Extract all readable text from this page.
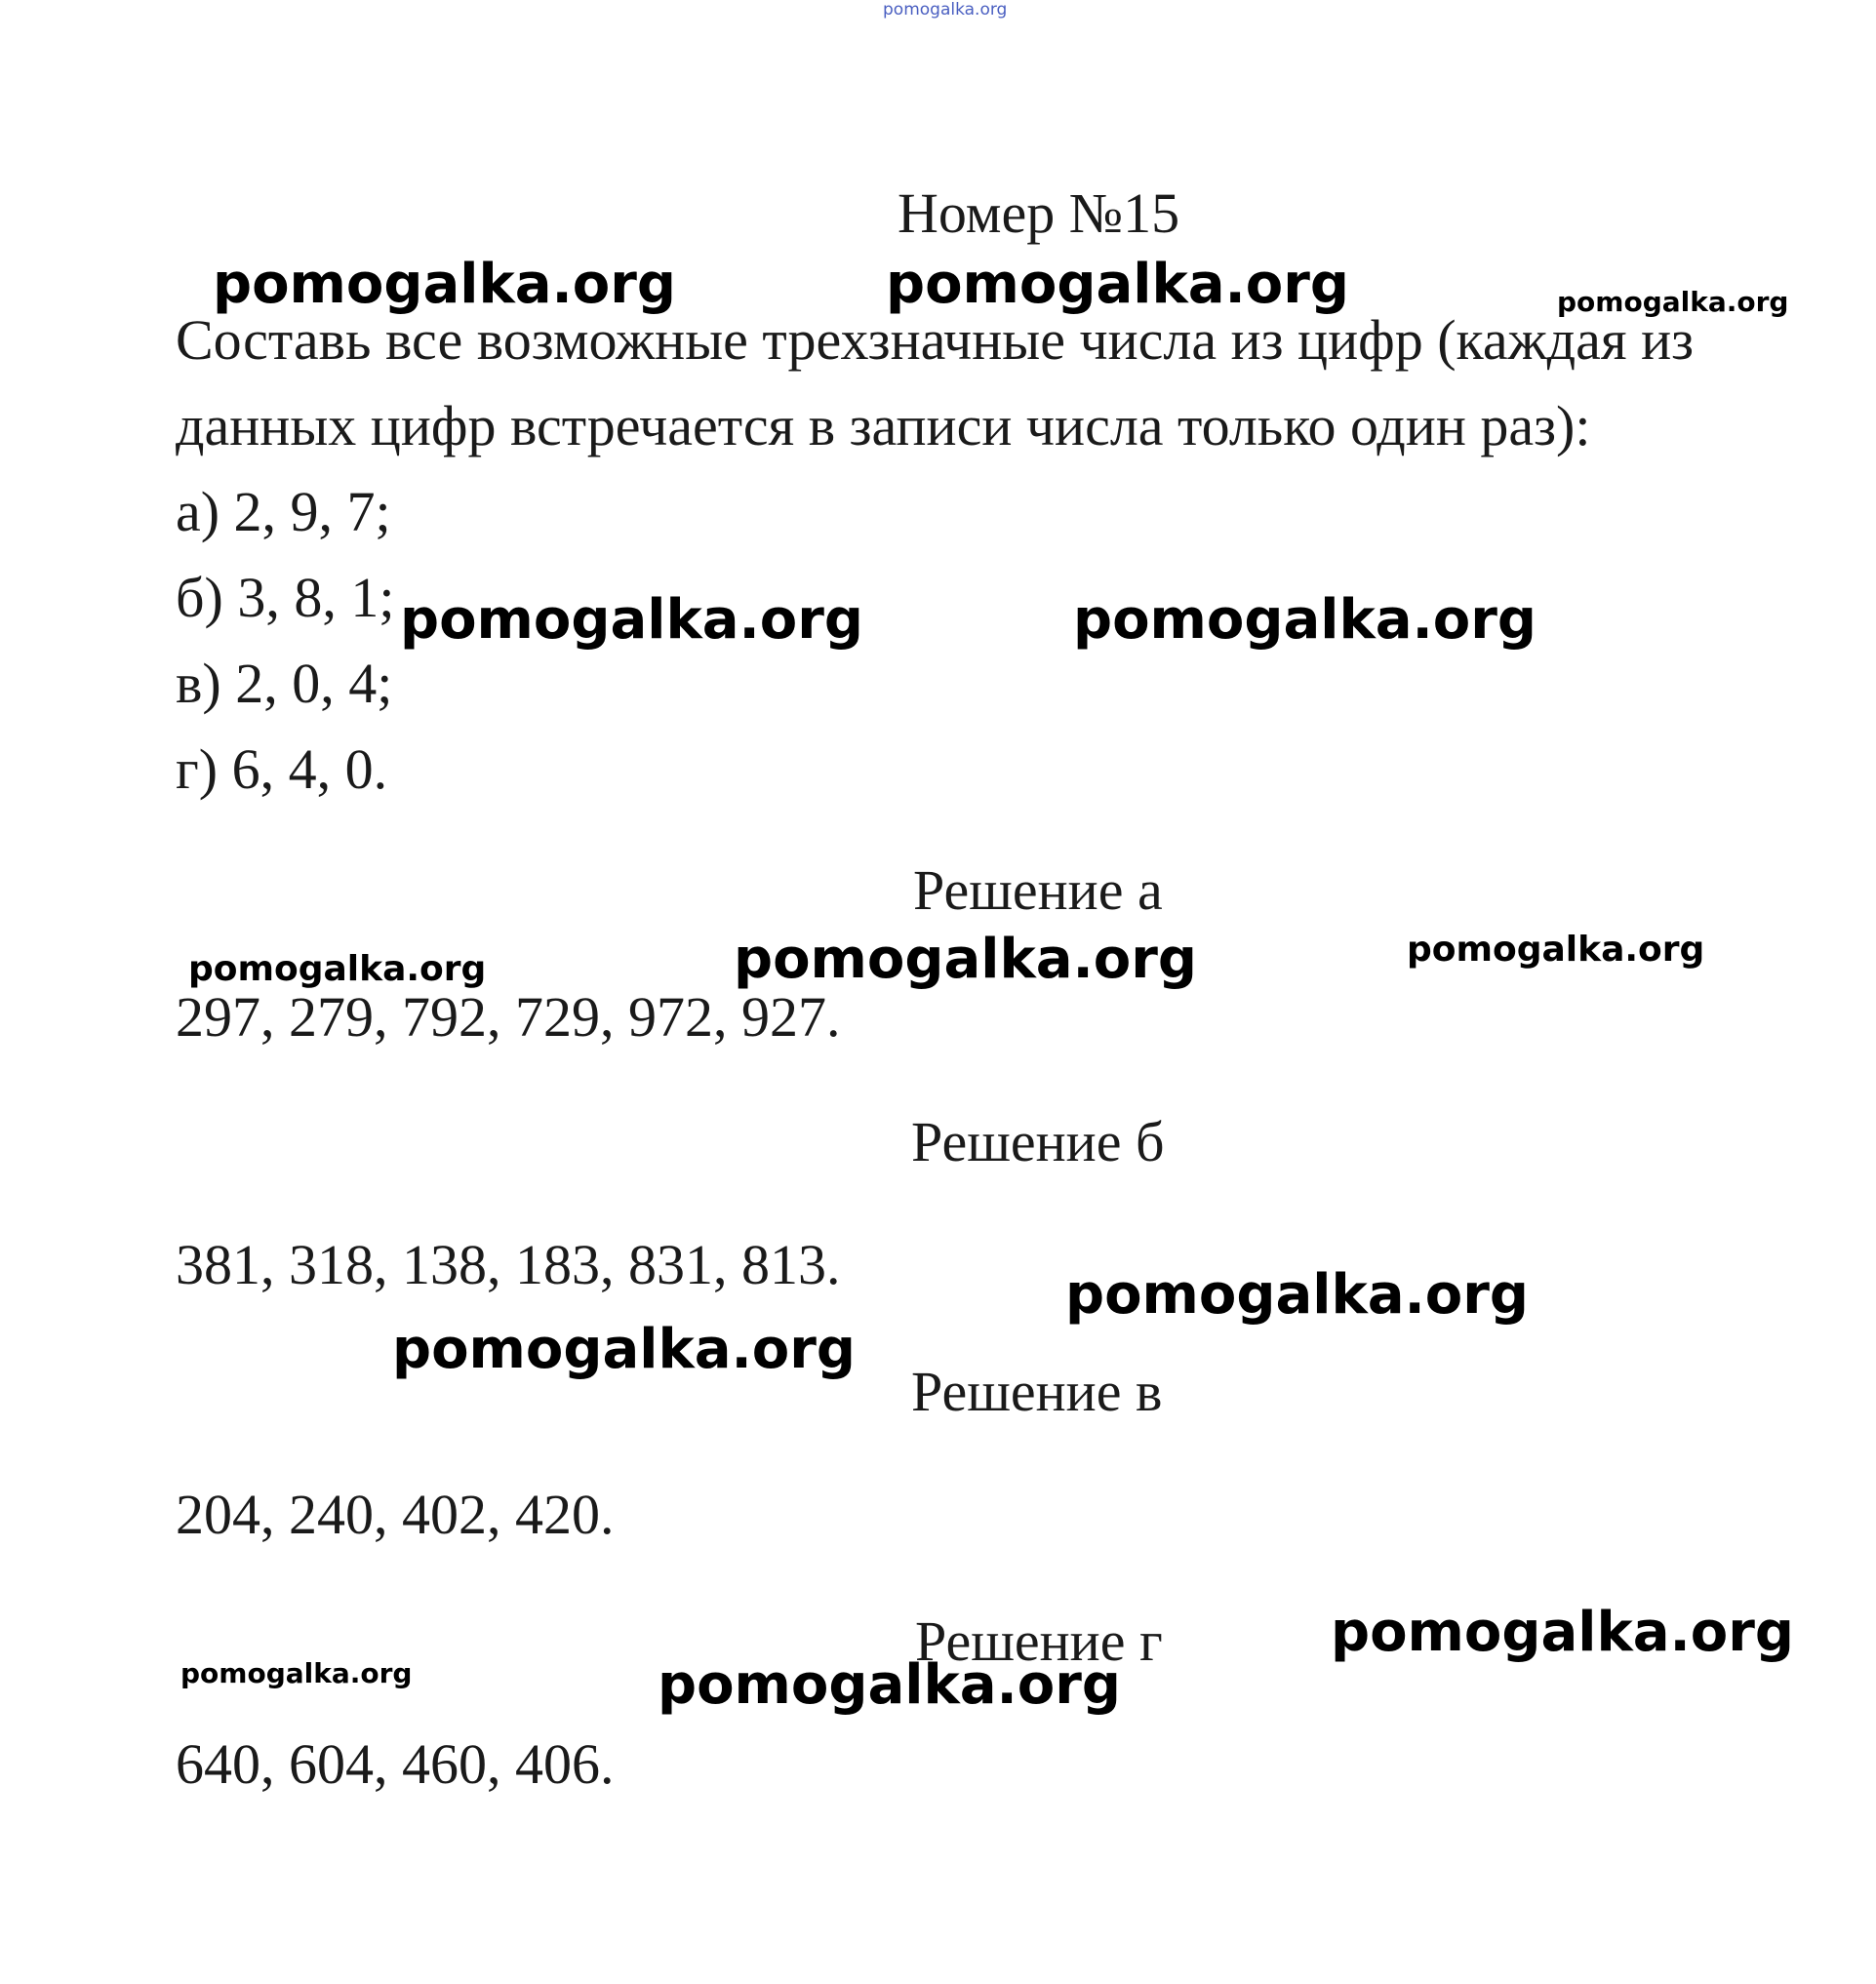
pomogalka.org
Номер №15
pomogalka.org	pomogalka.org	pomogalka.org
Составь все возможные трехзначные числа из цифр (каждая из
данных цифр встречается в записи числа только один раз):
а) 2, 9, 7;
б) 3, 8, 1;
в) 2, 0, 4;
г) 6, 4, 0.
pomogalka.org	pomogalka.org
Решение а
pomogalka.org	pomogalka.org	pomogalka.org
297, 279, 792, 729, 972, 927.
Решение б
381, 318, 138, 183, 831, 813.	pomogalka.org
pomogalka.org
Решение в
204, 240, 402, 420.
Решение г	pomogalka.org
pomogalka.org	pomogalka.org
640, 604, 460, 406.
